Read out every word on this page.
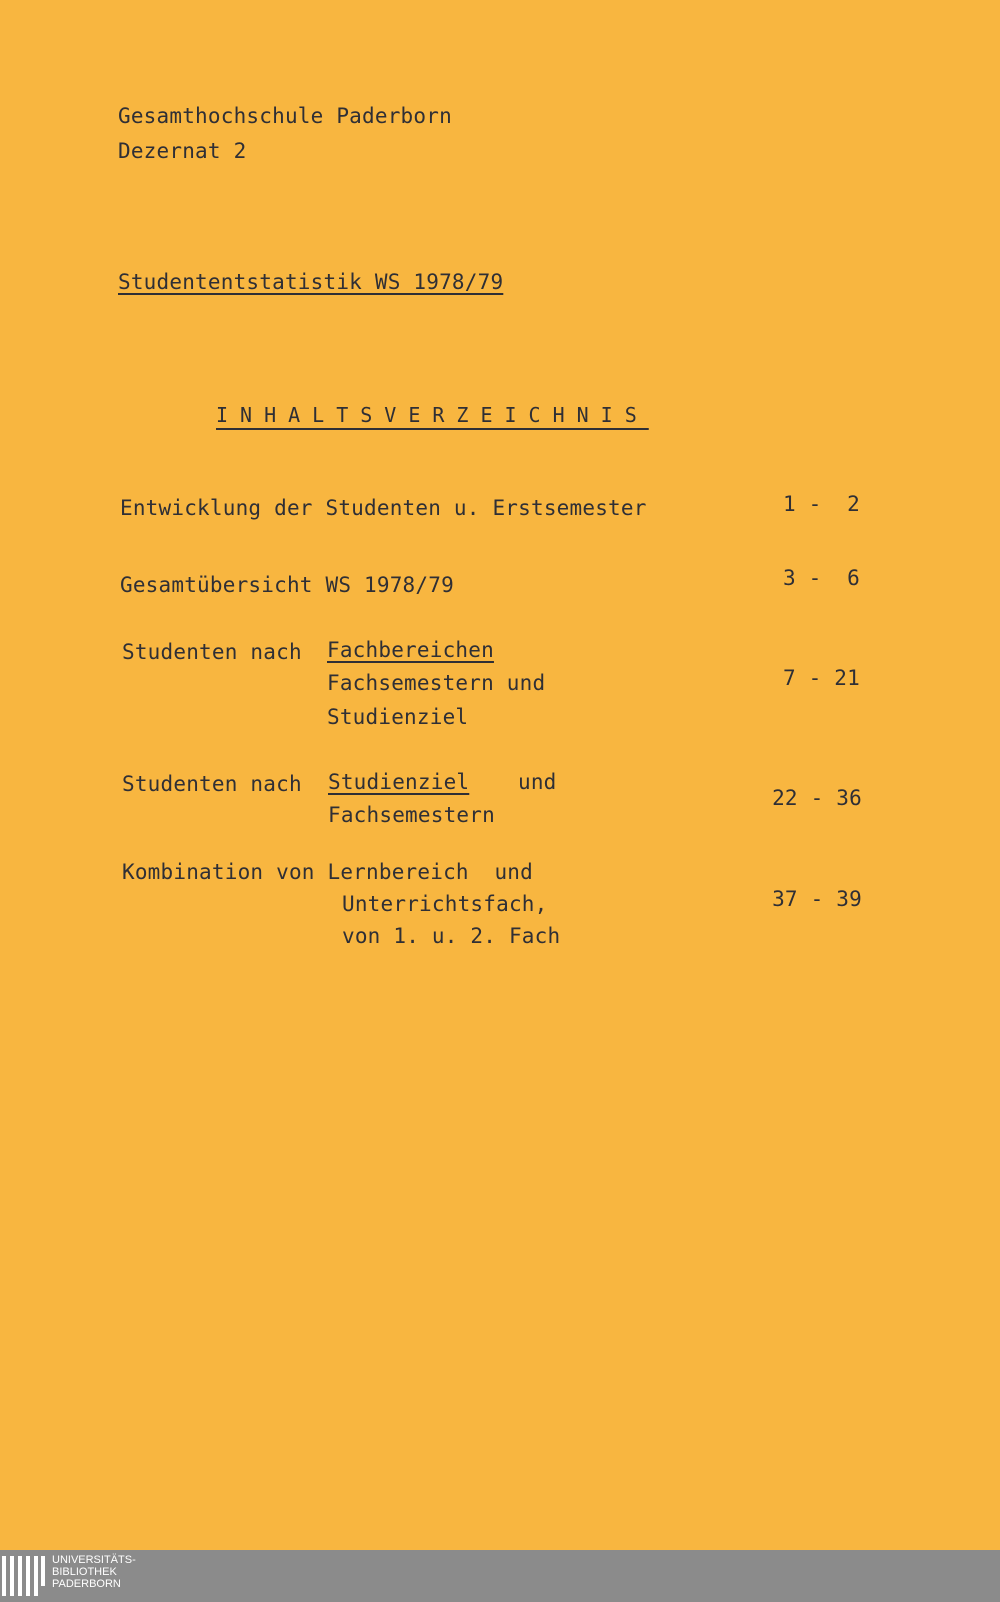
Gesamthochschule Paderborn
Dezernat 2
Studententstatistik WS 1978/79
INHALTSVERZEICHNIS
Entwicklung der Studenten u. Erstsemester	1 -  2
Gesamtübersicht WS 1978/79	3 -  6
Studenten nach Fachbereichen
Fachsemestern und
Studienziel
7 - 21
Studenten nach Studienziel und
Fachsemestern
22 - 36
Kombination von Lernbereich  und
Unterrichtsfach,
von 1. u. 2. Fach
37 - 39
UNIVERSITÄTS-
BIBLIOTHEK
PADERBORN
